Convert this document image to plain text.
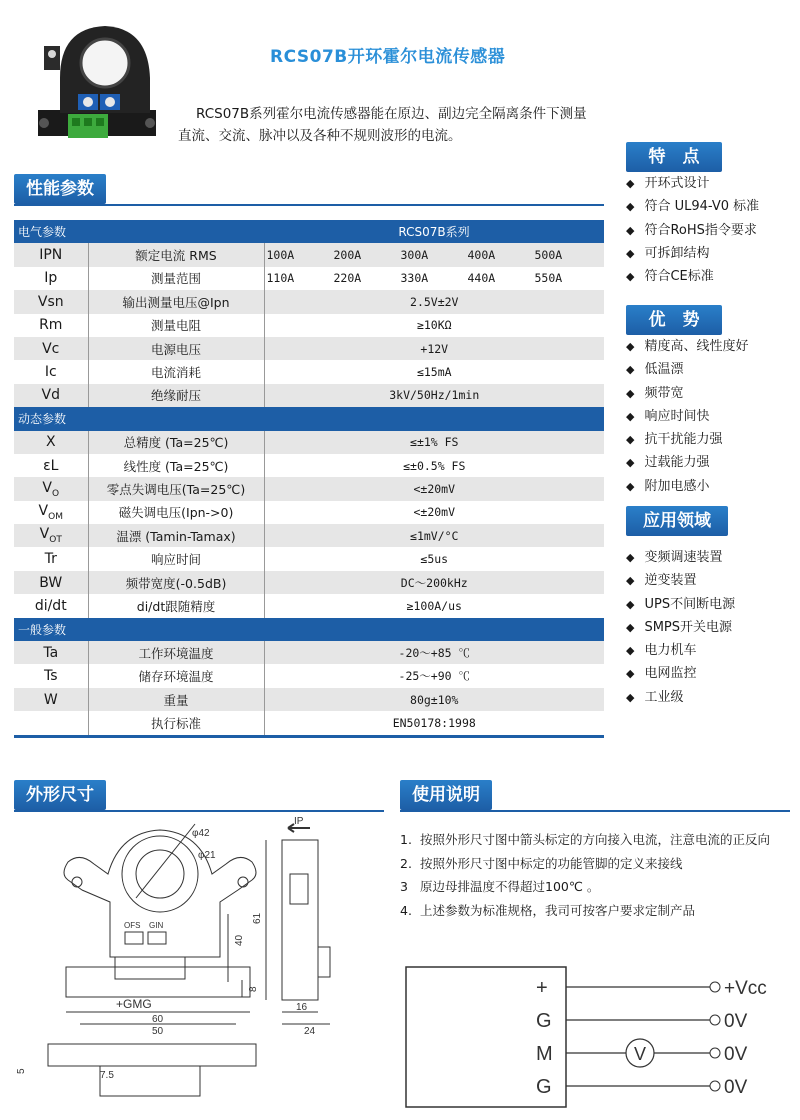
RCS07B开环霍尔电流传感器
RCS07B系列霍尔电流传感器能在原边、副边完全隔离条件下测量直流、交流、脉冲以及各种不规则波形的电流。
性能参数
电气参数		RCS07B系列
IPN	额定电流 RMS	100A 200A 300A 400A 500A

Ip	测量范围	110A 220A 330A 440A 550A

Vsn	输出测量电压@Ipn	2.5V±2V
Rm	测量电阻	≥10KΩ
Vc	电源电压	+12V
Ic	电流消耗	≤15mA
Vd	绝缘耐压	3kV/50Hz/1min
动态参数		
X	总精度 (Ta=25℃)	≤±1% FS
εL	线性度 (Ta=25℃)	≤±0.5% FS
$V_O$	零点失调电压(Ta=25℃)	<±20mV
$V_{OM}$	磁失调电压(Ipn->0)	<±20mV
$V_{OT}$	温漂 (Tamin-Tamax)	≤1mV/°C
Tr	响应时间	≤5us
BW	频带宽度(-0.5dB)	DC～200kHz
di/dt	di/dt跟随精度	≥100A/us
一般参数		
Ta	工作环境温度	-20～+85 ℃
Ts	储存环境温度	-25～+90 ℃
W	重量	80g±10%
	执行标准	EN50178:1998
特　点
◆ 开环式设计
◆ 符合 UL94-V0 标准
◆ 符合RoHS指令要求
◆ 可拆卸结构
◆ 符合CE标准
优　势
◆ 精度高、线性度好
◆ 低温漂
◆ 频带宽
◆ 响应时间快
◆ 抗干扰能力强
◆ 过载能力强
◆ 附加电感小
应用领域
◆ 变频调速装置
◆ 逆变装置
◆ UPS不间断电源
◆ SMPS开关电源
◆ 电力机车
◆ 电网监控
◆ 工业级
外形尺寸	使用说明
1. 按照外形尺寸图中箭头标定的方向接入电流，注意电流的正反向
2. 按照外形尺寸图中标定的功能管脚的定义来接线
3 原边母排温度不得超过100℃ 。
4. 上述参数为标准规格，我司可按客户要求定制产品
φ42
φ21
OFS GIN
+GMG
60
50
40
8
5	7.5
IP
61
16
24
+	+Vcc
G	0V
M	0V
G	0V
V
